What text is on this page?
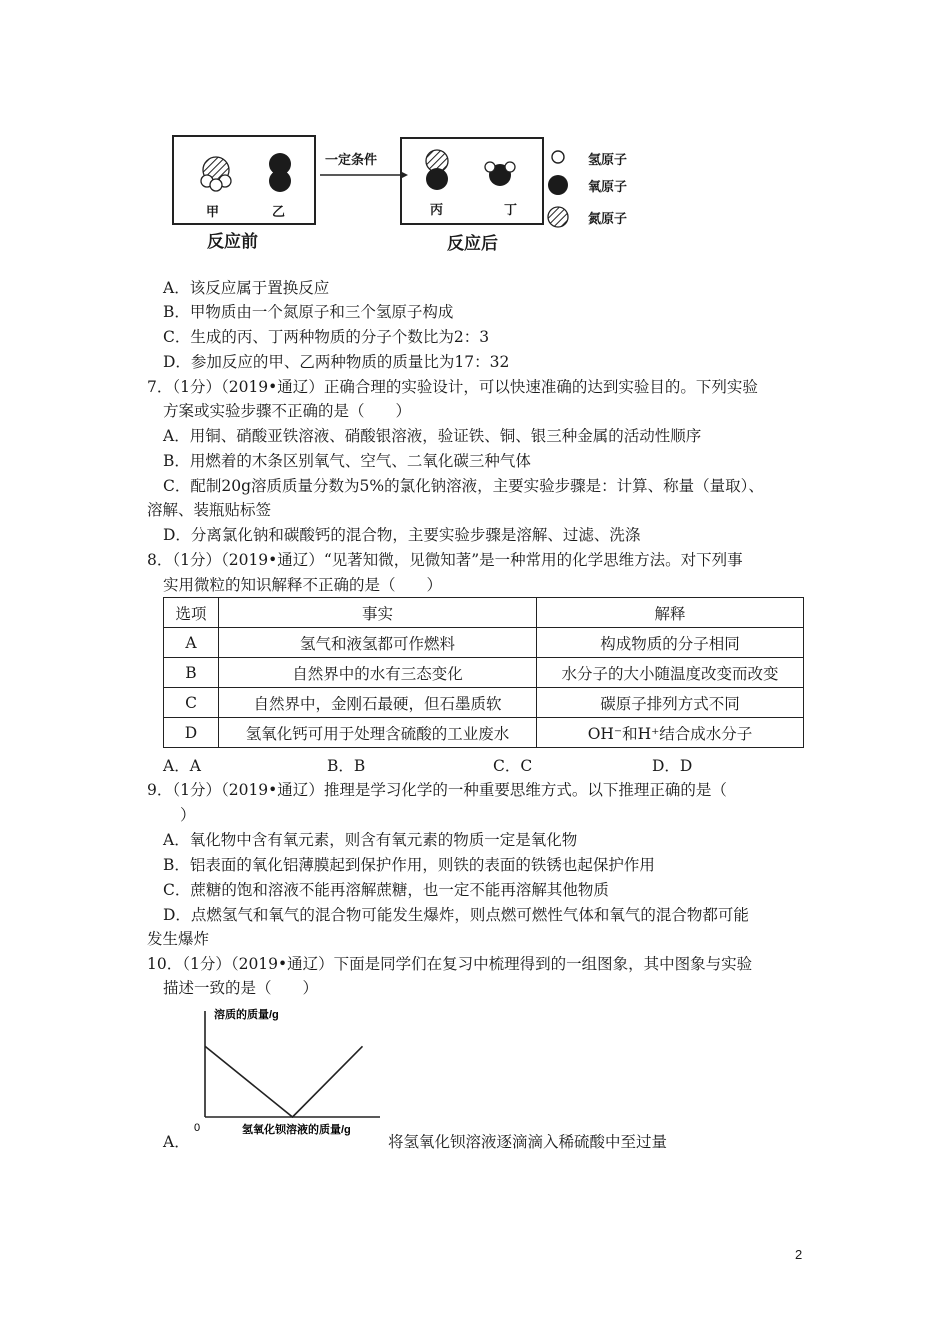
甲	乙
反应前
一定条件
丙	丁
反应后
氢原子
氧原子
氮原子
A．该反应属于置换反应
B．甲物质由一个氮原子和三个氢原子构成
C．生成的丙、丁两种物质的分子个数比为2：3
D．参加反应的甲、乙两种物质的质量比为17：32
7．（1分）（2019•通辽）正确合理的实验设计，可以快速准确的达到实验目的。下列实验
方案或实验步骤不正确的是（　　）
A．用铜、硝酸亚铁溶液、硝酸银溶液，验证铁、铜、银三种金属的活动性顺序
B．用燃着的木条区别氧气、空气、二氧化碳三种气体
C．配制20g溶质质量分数为5%的氯化钠溶液，主要实验步骤是：计算、称量（量取）、
溶解、装瓶贴标签
D．分离氯化钠和碳酸钙的混合物，主要实验步骤是溶解、过滤、洗涤
8．（1分）（2019•通辽）“见著知微，见微知著”是一种常用的化学思维方法。对下列事
实用微粒的知识解释不正确的是（　　）
选项	事实	解释
A	氢气和液氢都可作燃料	构成物质的分子相同
B	自然界中的水有三态变化	水分子的大小随温度改变而改变
C	自然界中，金刚石最硬，但石墨质软	碳原子排列方式不同
D	氢氧化钙可用于处理含硫酸的工业废水	OH⁻和H⁺结合成水分子
A．A	B．B	C．C	D．D
9．（1分）（2019•通辽）推理是学习化学的一种重要思维方式。以下推理正确的是（
）
A．氧化物中含有氧元素，则含有氧元素的物质一定是氧化物
B．铝表面的氧化铝薄膜起到保护作用，则铁的表面的铁锈也起保护作用
C．蔗糖的饱和溶液不能再溶解蔗糖，也一定不能再溶解其他物质
D．点燃氢气和氧气的混合物可能发生爆炸，则点燃可燃性气体和氧气的混合物都可能
发生爆炸
10．（1分）（2019•通辽）下面是同学们在复习中梳理得到的一组图象，其中图象与实验
描述一致的是（　　）
溶质的质量/g
0	氢氧化钡溶液的质量/g
A．	将氢氧化钡溶液逐滴滴入稀硫酸中至过量
2
